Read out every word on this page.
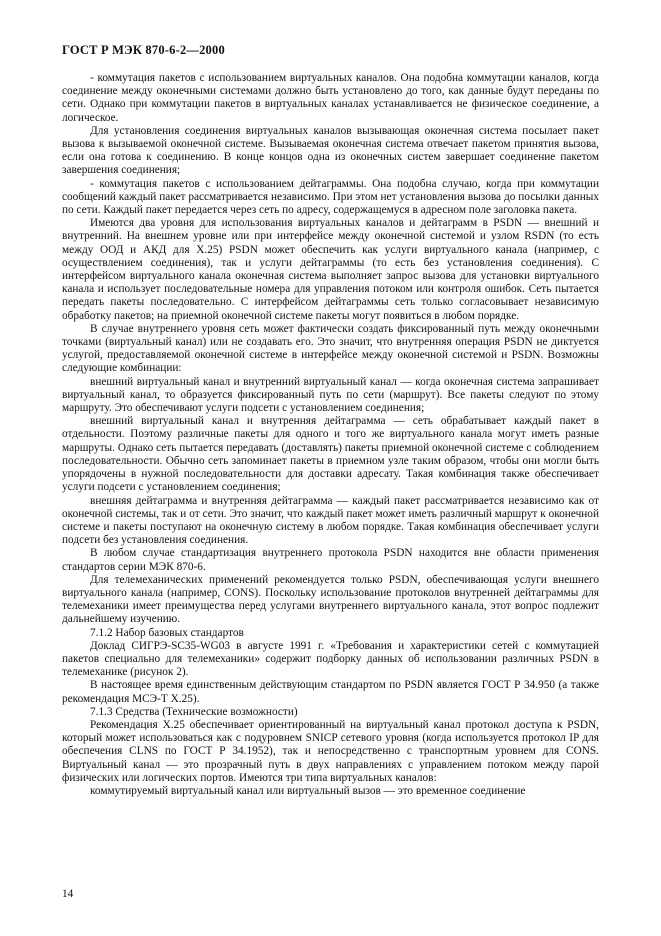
ГОСТ Р МЭК 870-6-2—2000

- коммутация пакетов с использованием виртуальных каналов. Она подобна коммутации каналов, когда соединение между оконечными системами должно быть установлено до того, как данные будут переданы по сети. Однако при коммутации пакетов в виртуальных каналах устанавливается не физическое соединение, а логическое.

Для установления соединения виртуальных каналов вызывающая оконечная система посылает пакет вызова к вызываемой оконечной системе. Вызываемая оконечная система отвечает пакетом принятия вызова, если она готова к соединению. В конце концов одна из оконечных систем завершает соединение пакетом завершения соединения;

- коммутация пакетов с использованием дейтаграммы. Она подобна случаю, когда при коммутации сообщений каждый пакет рассматривается независимо. При этом нет установления вызова до посылки данных по сети. Каждый пакет передается через сеть по адресу, содержащемуся в адресном поле заголовка пакета.

Имеются два уровня для использования виртуальных каналов и дейтаграмм в PSDN — внешний и внутренний. На внешнем уровне или при интерфейсе между оконечной системой и узлом RSDN (то есть между ООД и АКД для X.25) PSDN может обеспечить как услуги виртуального канала (например, с осуществлением соединения), так и услуги дейтаграммы (то есть без установления соединения). С интерфейсом виртуального канала оконечная система выполняет запрос вызова для установки виртуального канала и использует последовательные номера для управления потоком или контроля ошибок. Сеть пытается передать пакеты последовательно. С интерфейсом дейтаграммы сеть только согласовывает независимую обработку пакетов; на приемной оконечной системе пакеты могут появиться в любом порядке.

В случае внутреннего уровня сеть может фактически создать фиксированный путь между оконечными точками (виртуальный канал) или не создавать его. Это значит, что внутренняя операция PSDN не диктуется услугой, предоставляемой оконечной системе в интерфейсе между оконечной системой и PSDN. Возможны следующие комбинации:

внешний виртуальный канал и внутренний виртуальный канал — когда оконечная система запрашивает виртуальный канал, то образуется фиксированный путь по сети (маршрут). Все пакеты следуют по этому маршруту. Это обеспечивают услуги подсети с установлением соединения;

внешний виртуальный канал и внутренняя дейтаграмма — сеть обрабатывает каждый пакет в отдельности. Поэтому различные пакеты для одного и того же виртуального канала могут иметь разные маршруты. Однако сеть пытается передавать (доставлять) пакеты приемной оконечной системе с соблюдением последовательности. Обычно сеть запоминает пакеты в приемном узле таким образом, чтобы они могли быть упорядочены в нужной последовательности для доставки адресату. Такая комбинация также обеспечивает услуги подсети с установлением соединения;

внешняя дейтаграмма и внутренняя дейтаграмма — каждый пакет рассматривается независимо как от оконечной системы, так и от сети. Это значит, что каждый пакет может иметь различный маршрут к оконечной системе и пакеты поступают на оконечную систему в любом порядке. Такая комбинация обеспечивает услуги подсети без установления соединения.

В любом случае стандартизация внутреннего протокола PSDN находится вне области применения стандартов серии МЭК 870-6.

Для телемеханических применений рекомендуется только PSDN, обеспечивающая услуги внешнего виртуального канала (например, CONS). Поскольку использование протоколов внутренней дейтаграммы для телемеханики имеет преимущества перед услугами внутреннего виртуального канала, этот вопрос подлежит дальнейшему изучению.

7.1.2 Набор базовых стандартов

Доклад СИГРЭ-SC35-WG03 в августе 1991 г. «Требования и характеристики сетей с коммутацией пакетов специально для телемеханики» содержит подборку данных об использовании различных PSDN в телемеханике (рисунок 2).

В настоящее время единственным действующим стандартом по PSDN является ГОСТ Р 34.950 (а также рекомендация МСЭ-Т X.25).

7.1.3 Средства (Технические возможности)

Рекомендация X.25 обеспечивает ориентированный на виртуальный канал протокол доступа к PSDN, который может использоваться как с подуровнем SNICP сетевого уровня (когда используется протокол IP для обеспечения CLNS по ГОСТ Р 34.1952), так и непосредственно с транспортным уровнем для CONS. Виртуальный канал — это прозрачный путь в двух направлениях с управлением потоком между парой физических или логических портов. Имеются три типа виртуальных каналов:

коммутируемый виртуальный канал или виртуальный вызов — это временное соединение

14
